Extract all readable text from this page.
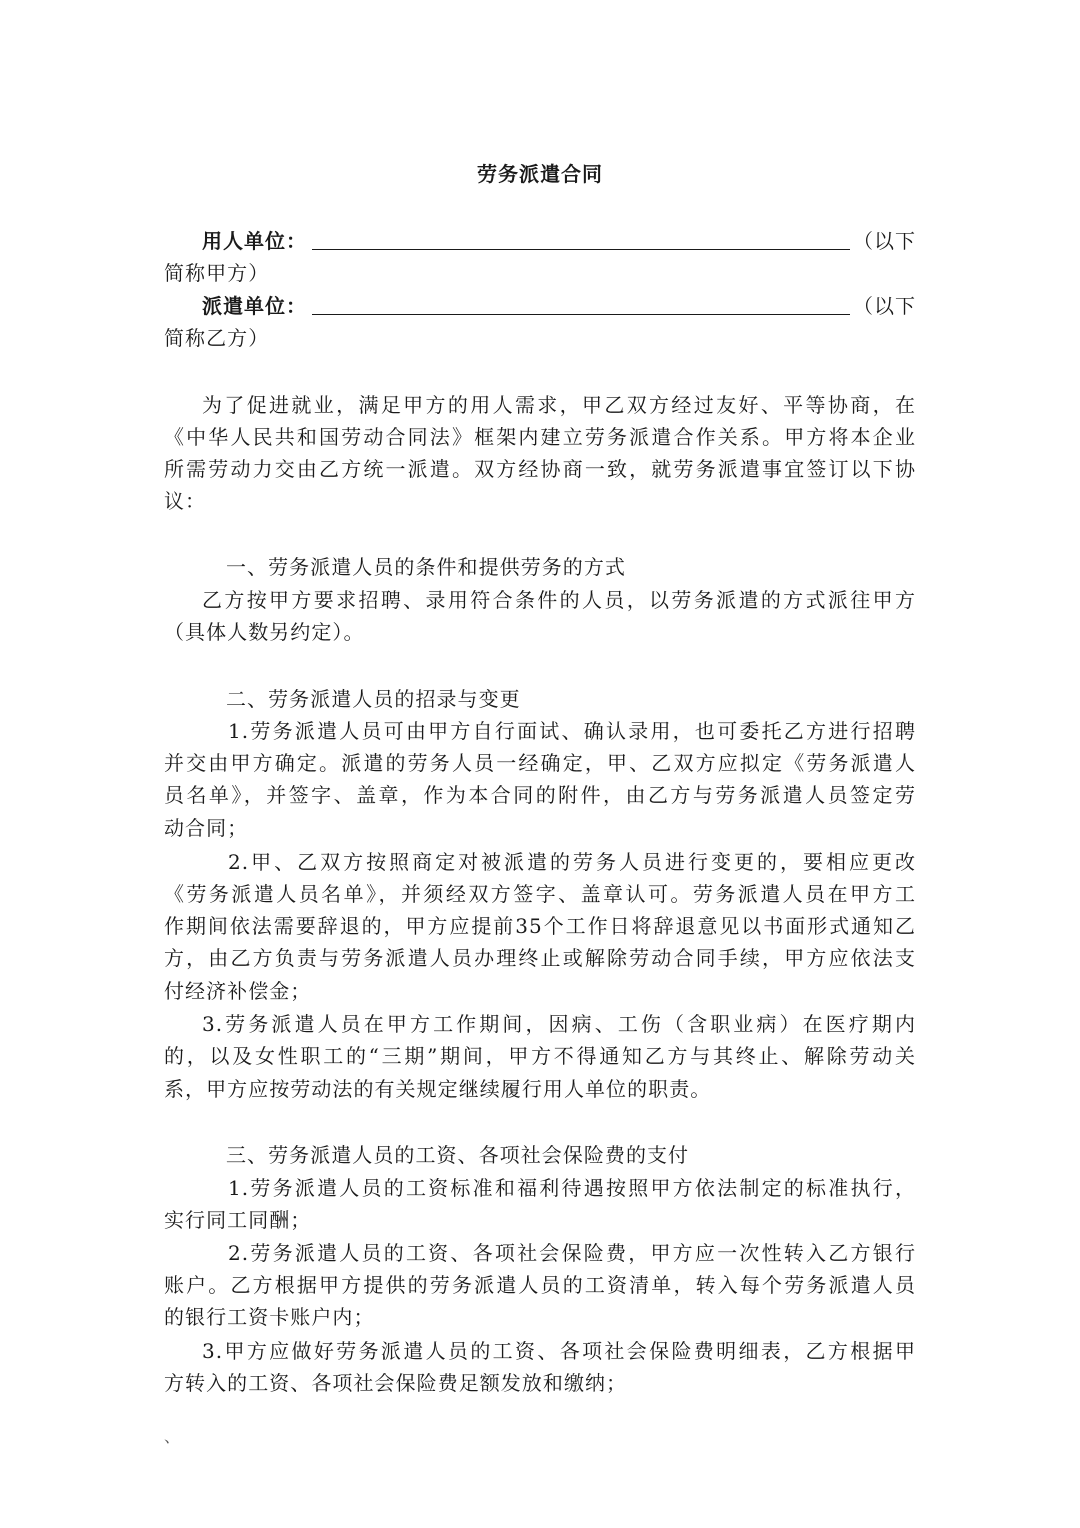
劳务派遣合同
用人单位：	（以下
简称甲方）
派遣单位：	（以下
简称乙方）
为了促进就业，满足甲方的用人需求，甲乙双方经过友好、平等协商，在
《中华人民共和国劳动合同法》框架内建立劳务派遣合作关系。甲方将本企业
所需劳动力交由乙方统一派遣。双方经协商一致，就劳务派遣事宜签订以下协
议：
一、劳务派遣人员的条件和提供劳务的方式
乙方按甲方要求招聘、录用符合条件的人员，以劳务派遣的方式派往甲方
（具体人数另约定）。
二、劳务派遣人员的招录与变更
1.劳务派遣人员可由甲方自行面试、确认录用，也可委托乙方进行招聘
并交由甲方确定。派遣的劳务人员一经确定，甲、乙双方应拟定《劳务派遣人
员名单》，并签字、盖章，作为本合同的附件，由乙方与劳务派遣人员签定劳
动合同；
2.甲、乙双方按照商定对被派遣的劳务人员进行变更的，要相应更改
《劳务派遣人员名单》，并须经双方签字、盖章认可。劳务派遣人员在甲方工
作期间依法需要辞退的，甲方应提前35个工作日将辞退意见以书面形式通知乙
方，由乙方负责与劳务派遣人员办理终止或解除劳动合同手续，甲方应依法支
付经济补偿金；
3.劳务派遣人员在甲方工作期间，因病、工伤（含职业病）在医疗期内
的，以及女性职工的“三期”期间，甲方不得通知乙方与其终止、解除劳动关
系，甲方应按劳动法的有关规定继续履行用人单位的职责。
三、劳务派遣人员的工资、各项社会保险费的支付
1.劳务派遣人员的工资标准和福利待遇按照甲方依法制定的标准执行，
实行同工同酬；
2.劳务派遣人员的工资、各项社会保险费，甲方应一次性转入乙方银行
账户。乙方根据甲方提供的劳务派遣人员的工资清单，转入每个劳务派遣人员
的银行工资卡账户内；
3.甲方应做好劳务派遣人员的工资、各项社会保险费明细表，乙方根据甲
方转入的工资、各项社会保险费足额发放和缴纳；
、
